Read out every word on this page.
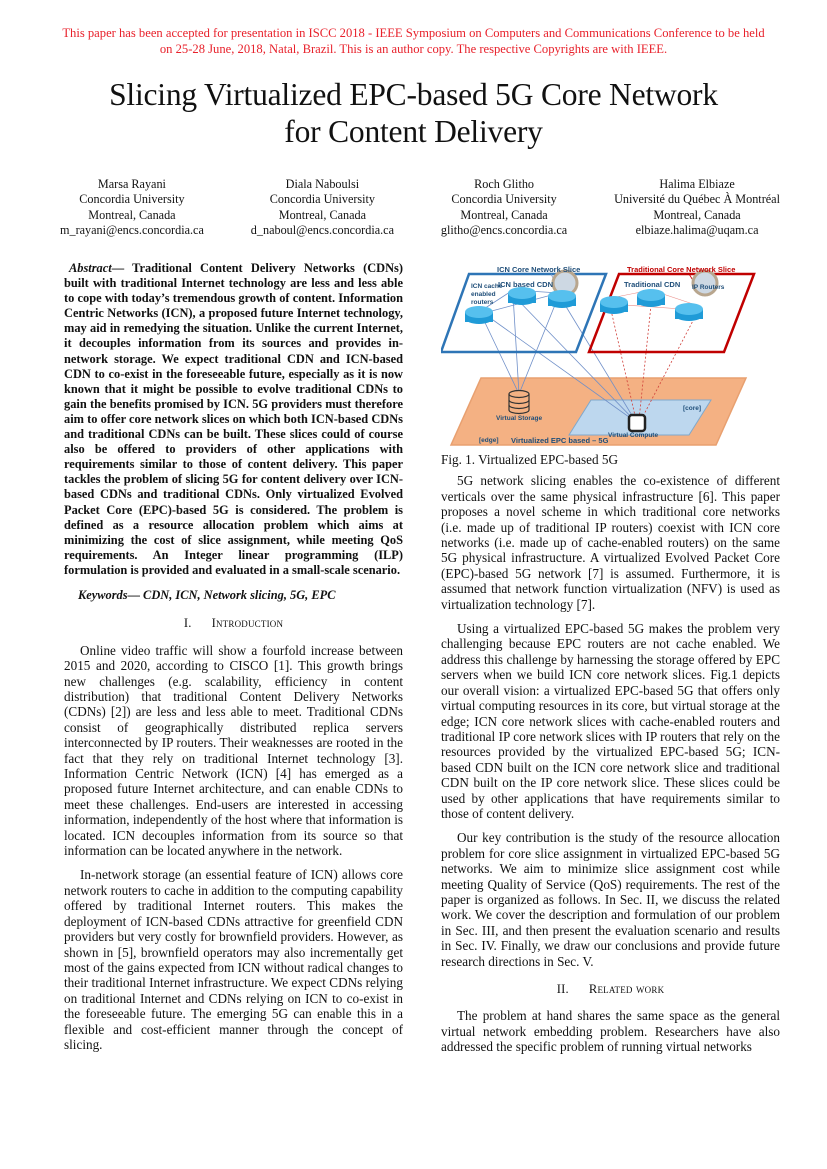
This paper has been accepted for presentation in ISCC 2018 - IEEE Symposium on Computers and Communications Conference to be held
on 25-28 June, 2018, Natal, Brazil. This is an author copy. The respective Copyrights are with IEEE.
Slicing Virtualized EPC-based 5G Core Network
for Content Delivery
Marsa Rayani
Concordia University
Montreal, Canada
m_rayani@encs.concordia.ca
Diala Naboulsi
Concordia University
Montreal, Canada
d_naboul@encs.concordia.ca
Roch Glitho
Concordia University
Montreal, Canada
glitho@encs.concordia.ca
Halima Elbiaze
Université du Québec À Montréal
Montreal, Canada
elbiaze.halima@uqam.ca

Abstract— Traditional Content Delivery Networks (CDNs) built with traditional Internet technology are less and less able to cope with today’s tremendous growth of content. Information Centric Networks (ICN), a proposed future Internet technology, may aid in remedying the situation. Unlike the current Internet, it decouples information from its sources and provides in-network storage. We expect traditional CDN and ICN-based CDN to co-exist in the foreseeable future, especially as it is now known that it might be possible to evolve traditional CDNs to gain the benefits promised by ICN. 5G providers must therefore aim to offer core network slices on which both ICN-based CDNs and traditional CDNs can be built. These slices could of course also be offered to providers of other applications with requirements similar to those of content delivery. This paper tackles the problem of slicing 5G for content delivery over ICN-based CDNs and traditional CDNs. Only virtualized Evolved Packet Core (EPC)-based 5G is considered. The problem is defined as a resource allocation problem which aims at minimizing the cost of slice assignment, while meeting QoS requirements. An Integer linear programming (ILP) formulation is provided and evaluated in a small-scale scenario.

Keywords— CDN, ICN, Network slicing, 5G, EPC

I. Introduction

Online video traffic will show a fourfold increase between 2015 and 2020, according to CISCO [1]. This growth brings new challenges (e.g. scalability, efficiency in content distribution) that traditional Content Delivery Networks (CDNs) [2]) are less and less able to meet. Traditional CDNs consist of geographically distributed replica servers interconnected by IP routers. Their weaknesses are rooted in the fact that they rely on traditional Internet technology [3]. Information Centric Network (ICN) [4] has emerged as a proposed future Internet architecture, and can enable CDNs to meet these challenges. End-users are interested in accessing information, independently of the host where that information is located. ICN decouples information from its source so that information can be located anywhere in the network.

In-network storage (an essential feature of ICN) allows core network routers to cache in addition to the computing capability offered by traditional Internet routers. This makes the deployment of ICN-based CDNs attractive for greenfield CDN providers but very costly for brownfield providers. However, as shown in [5], brownfield operators may also incrementally get most of the gains expected from ICN without radical changes to their traditional Internet infrastructure. We expect CDNs relying on traditional Internet and CDNs relying on ICN to co-exist in the foreseeable future. The emerging 5G can enable this in a flexible and cost-efficient manner through the concept of slicing.

ICN based CDN	Traditional CDN
ICN Core Network Slice	Traditional Core Network Slice
ICN cache
enabled
routers
IP Routers
Virtual Storage
Virtual Compute
[core]
[edge] Virtualized EPC based – 5G

Fig. 1. Virtualized EPC-based 5G

5G network slicing enables the co-existence of different verticals over the same physical infrastructure [6]. This paper proposes a novel scheme in which traditional core networks (i.e. made up of traditional IP routers) coexist with ICN core networks (i.e. made up of cache-enabled routers) on the same 5G physical infrastructure. A virtualized Evolved Packet Core (EPC)-based 5G network [7] is assumed. Furthermore, it is assumed that network function virtualization (NFV) is used as virtualization technology [7].

Using a virtualized EPC-based 5G makes the problem very challenging because EPC routers are not cache enabled. We address this challenge by harnessing the storage offered by EPC servers when we build ICN core network slices. Fig.1 depicts our overall vision: a virtualized EPC-based 5G that offers only virtual computing resources in its core, but virtual storage at the edge; ICN core network slices with cache-enabled routers and traditional IP core network slices with IP routers that rely on the resources provided by the virtualized EPC-based 5G; ICN-based CDN built on the ICN core network slice and traditional CDN built on the IP core network slice. These slices could be used by other applications that have requirements similar to those of content delivery.

Our key contribution is the study of the resource allocation problem for core slice assignment in virtualized EPC-based 5G networks. We aim to minimize slice assignment cost while meeting Quality of Service (QoS) requirements. The rest of the paper is organized as follows. In Sec. II, we discuss the related work. We cover the description and formulation of our problem in Sec. III, and then present the evaluation scenario and results in Sec. IV. Finally, we draw our conclusions and provide future research directions in Sec. V.

II. Related work

The problem at hand shares the same space as the general virtual network embedding problem. Researchers have also addressed the specific problem of running virtual networks
